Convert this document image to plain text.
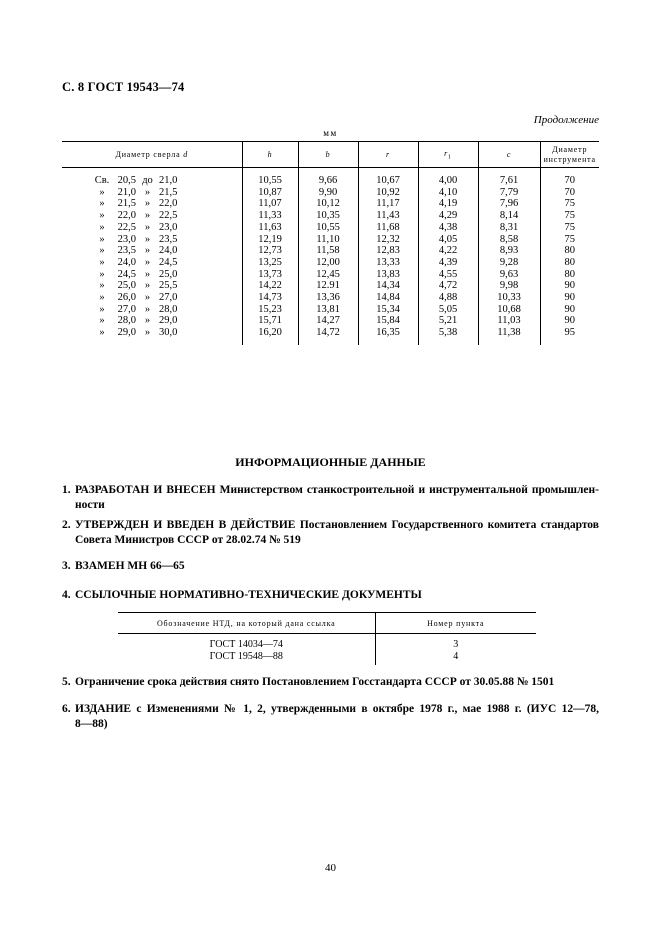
С. 8 ГОСТ 19543—74
Продолжение
мм
Диаметр сверла d	h	b	r	$r_1$	c	Диаметр
инструмента
Св. 20,5 до 21,0	10,55	9,66	10,67	4,00	7,61	70
» 21,0 » 21,5	10,87	9,90	10,92	4,10	7,79	70
» 21,5 » 22,0	11,07	10,12	11,17	4,19	7,96	75
» 22,0 » 22,5	11,33	10,35	11,43	4,29	8,14	75
» 22,5 » 23,0	11,63	10,55	11,68	4,38	8,31	75
» 23,0 » 23,5	12,19	11,10	12,32	4,05	8,58	75
» 23,5 » 24,0	12,73	11,58	12,83	4,22	8,93	80
» 24,0 » 24,5	13,25	12,00	13,33	4,39	9,28	80
» 24,5 » 25,0	13,73	12,45	13,83	4,55	9,63	80
» 25,0 » 25,5	14,22	12.91	14,34	4,72	9,98	90
» 26,0 » 27,0	14,73	13,36	14,84	4,88	10,33	90
» 27,0 » 28,0	15,23	13,81	15,34	5,05	10,68	90
» 28,0 » 29,0	15,71	14,27	15,84	5,21	11,03	90
» 29,0 » 30,0	16,20	14,72	16,35	5,38	11,38	95
ИНФОРМАЦИОННЫЕ ДАННЫЕ
1. РАЗРАБОТАН И ВНЕСЕН Министерством станкостроительной и инструментальной промышлен-
ности
2. УТВЕРЖДЕН И ВВЕДЕН В ДЕЙСТВИЕ Постановлением Государственного комитета стандартов
Совета Министров СССР от 28.02.74 № 519
3. ВЗАМЕН МН 66—65
4. ССЫЛОЧНЫЕ НОРМАТИВНО-ТЕХНИЧЕСКИЕ ДОКУМЕНТЫ
Обозначение НТД, на который дана ссылка	Номер пункта
ГОСТ 14034—74	3
ГОСТ 19548—88	4
5. Ограничение срока действия снято Постановлением Госстандарта СССР от 30.05.88 № 1501
6. ИЗДАНИЕ с Изменениями № 1, 2, утвержденными в октябре 1978 г., мае 1988 г. (ИУС 12—78,
8—88)
40
